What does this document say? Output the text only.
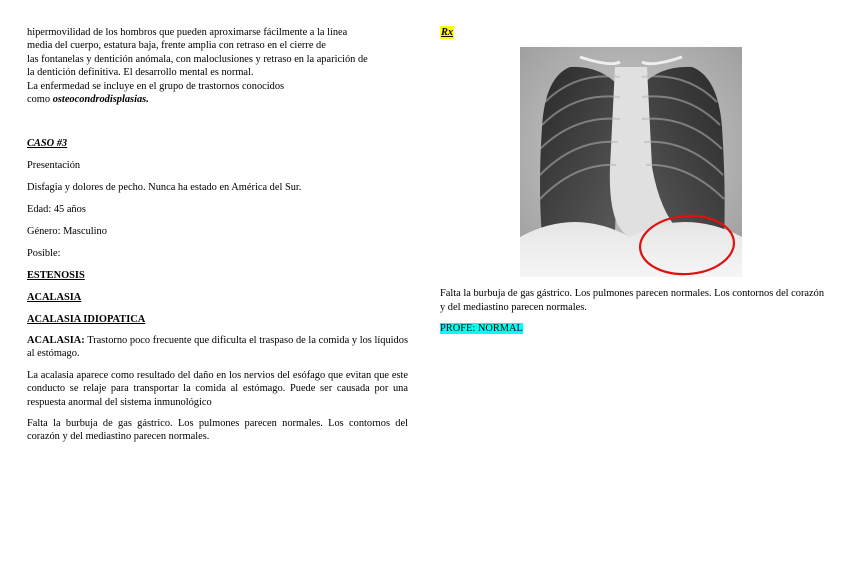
hipermovilidad de los hombros que pueden aproximarse fácilmente a la línea

media del cuerpo, estatura baja, frente amplia con retraso en el cierre de

las fontanelas y dentición anómala, con maloclusiones y retraso en la aparición de

la dentición definitiva. El desarrollo mental es normal.

La enfermedad se incluye en el grupo de trastornos conocidos

como osteocondrodisplasias.

CASO #3
Presentación
Disfagia y dolores de pecho. Nunca ha estado en América del Sur.
Edad: 45 años
Género: Masculino
Posible:
ESTENOSIS
ACALASIA
ACALASIA IDIOPATICA
ACALASIA: Trastorno poco frecuente que dificulta el traspaso de la comida y los líquidos al estómago.
La acalasia aparece como resultado del daño en los nervios del esófago que evitan que este conducto se relaje para transportar la comida al estómago. Puede ser causada por una respuesta anormal del sistema inmunológico
Falta la burbuja de gas gástrico. Los pulmones parecen normales. Los contornos del corazón y del mediastino parecen normales.
Rx
Falta la burbuja de gas gástrico. Los pulmones parecen normales. Los contornos del corazón y del mediastino parecen normales.
PROFE: NORMAL
